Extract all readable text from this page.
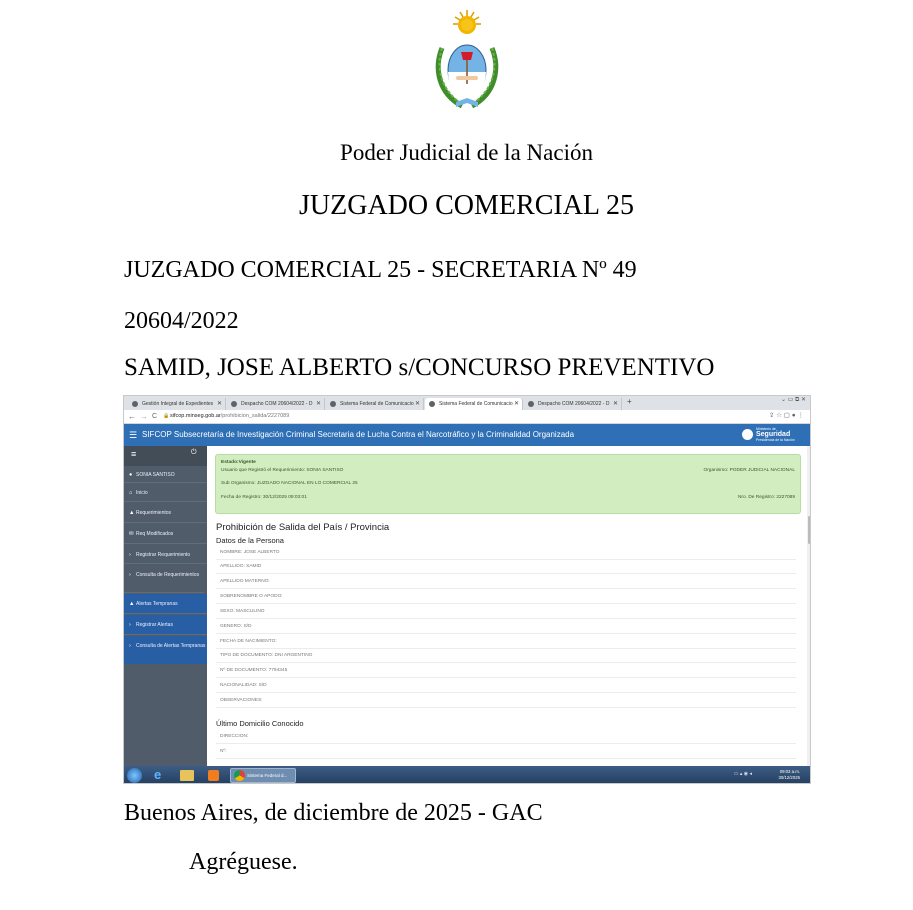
Poder Judicial de la Nación
JUZGADO COMERCIAL 25
JUZGADO COMERCIAL 25 - SECRETARIA Nº 49
20604/2022
SAMID, JOSE ALBERTO s/CONCURSO PREVENTIVO
Gestión Integral de Expedientes ✕	Despacho COM 20604/2022 - D ✕	Sistema Federal de Comunicacio ✕	Sistema Federal de Comunicacio ✕	Despacho COM 20604/2022 - D ✕ +	⌄ ▭ ⧉ ✕
← → C 🔒 sifcop.minseg.gob.ar/prohibicion_salida/2227089	⇪ ☆ ▢ ● ⋮
☰ SIFCOP Subsecretaría de Investigación Criminal Secretaria de Lucha Contra el Narcotráfico y la Criminalidad Organizada
Ministerio de
Seguridad
Presidencia de la Nación
≡	⏻
● SONIA SANTISO
⌂ Inicio
▲ Requerimientos
✉ Req Modificados
› Registrar Requerimiento
› Consulta de Requerimientos
▲ Alertas Tempranas
› Registrar Alertas
› Consulta de Alertas Tempranas
Estado:Vigente
Usuario que Registró el Requerimiento: SONIA SANTISO	Organismo: PODER JUDICIAL NACIONAL
Sub Organismo: JUZGADO NACIONAL EN LO COMERCIAL 25
Fecha de Registro: 30/12/2025 09:03:01	Nro. De Registro: 2227089
Prohibición de Salida del País / Provincia
Datos de la Persona
NOMBRE: JOSE ALBERTO
APELLIDO: SAMID
APELLIDO MATERNO:
SOBRENOMBRE O APODO:
SEXO: MASCULINO
GENERO: S/D
FECHA DE NACIMIENTO:
TIPO DE DOCUMENTO: DNI ARGENTINO
Nº DE DOCUMENTO: 7794345
NACIONALIDAD: S/D
OBSERVACIONES:
Último Domicilio Conocido
DIRECCION:
Nº:
e	Sistema Federal d...	▭ ▴ ◉ ◂	09:03 a.m.
30/12/2025
Buenos Aires, de diciembre de 2025 - GAC
Agréguese.
